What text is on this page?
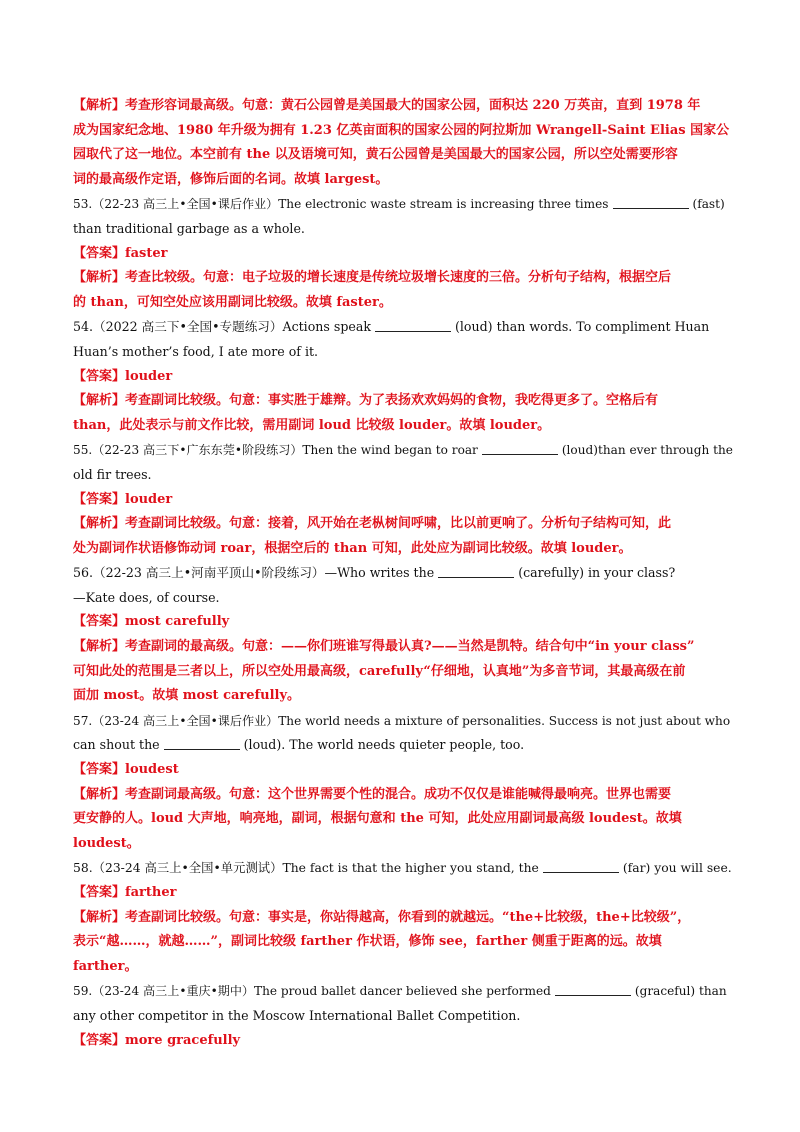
【解析】考查形容词最高级。句意：黄石公园曾是美国最大的国家公园，面积达 220 万英亩，直到 1978 年
成为国家纪念地、1980 年升级为拥有 1.23 亿英亩面积的国家公园的阿拉斯加 Wrangell-Saint Elias 国家公
园取代了这一地位。本空前有 the 以及语境可知，黄石公园曾是美国最大的国家公园，所以空处需要形容
词的最高级作定语，修饰后面的名词。故填 largest。
53.（22-23 高三上•全国•课后作业）The electronic waste stream is increasing three times	(fast)
than traditional garbage as a whole.
【答案】faster
【解析】考查比较级。句意：电子垃圾的增长速度是传统垃圾增长速度的三倍。分析句子结构，根据空后
的 than，可知空处应该用副词比较级。故填 faster。
54.（2022 高三下•全国•专题练习）Actions speak	(loud) than words. To compliment Huan
Huan’s mother’s food, I ate more of it.
【答案】louder
【解析】考查副词比较级。句意：事实胜于雄辩。为了表扬欢欢妈妈的食物，我吃得更多了。空格后有
than，此处表示与前文作比较，需用副词 loud 比较级 louder。故填 louder。
55.（22-23 高三下•广东东莞•阶段练习）Then the wind began to roar	(loud)than ever through the
old fir trees.
【答案】louder
【解析】考查副词比较级。句意：接着，风开始在老枞树间呼啸，比以前更响了。分析句子结构可知，此
处为副词作状语修饰动词 roar，根据空后的 than 可知，此处应为副词比较级。故填 louder。
56.（22-23 高三上•河南平顶山•阶段练习）—Who writes the	(carefully) in your class?
—Kate does, of course.
【答案】most carefully
【解析】考查副词的最高级。句意：——你们班谁写得最认真?——当然是凯特。结合句中“in your class”
可知此处的范围是三者以上，所以空处用最高级，carefully“仔细地，认真地”为多音节词，其最高级在前
面加 most。故填 most carefully。
57.（23-24 高三上•全国•课后作业）The world needs a mixture of personalities. Success is not just about who
can shout the	(loud). The world needs quieter people, too.
【答案】loudest
【解析】考查副词最高级。句意：这个世界需要个性的混合。成功不仅仅是谁能喊得最响亮。世界也需要
更安静的人。loud 大声地，响亮地，副词，根据句意和 the 可知，此处应用副词最高级 loudest。故填
loudest。
58.（23-24 高三上•全国•单元测试）The fact is that the higher you stand, the	(far) you will see.
【答案】farther
【解析】考查副词比较级。句意：事实是，你站得越高，你看到的就越远。“the+比较级，the+比较级”，
表示“越……，就越……”，副词比较级 farther 作状语，修饰 see，farther 侧重于距离的远。故填
farther。
59.（23-24 高三上•重庆•期中）The proud ballet dancer believed she performed	(graceful) than
any other competitor in the Moscow International Ballet Competition.
【答案】more gracefully
